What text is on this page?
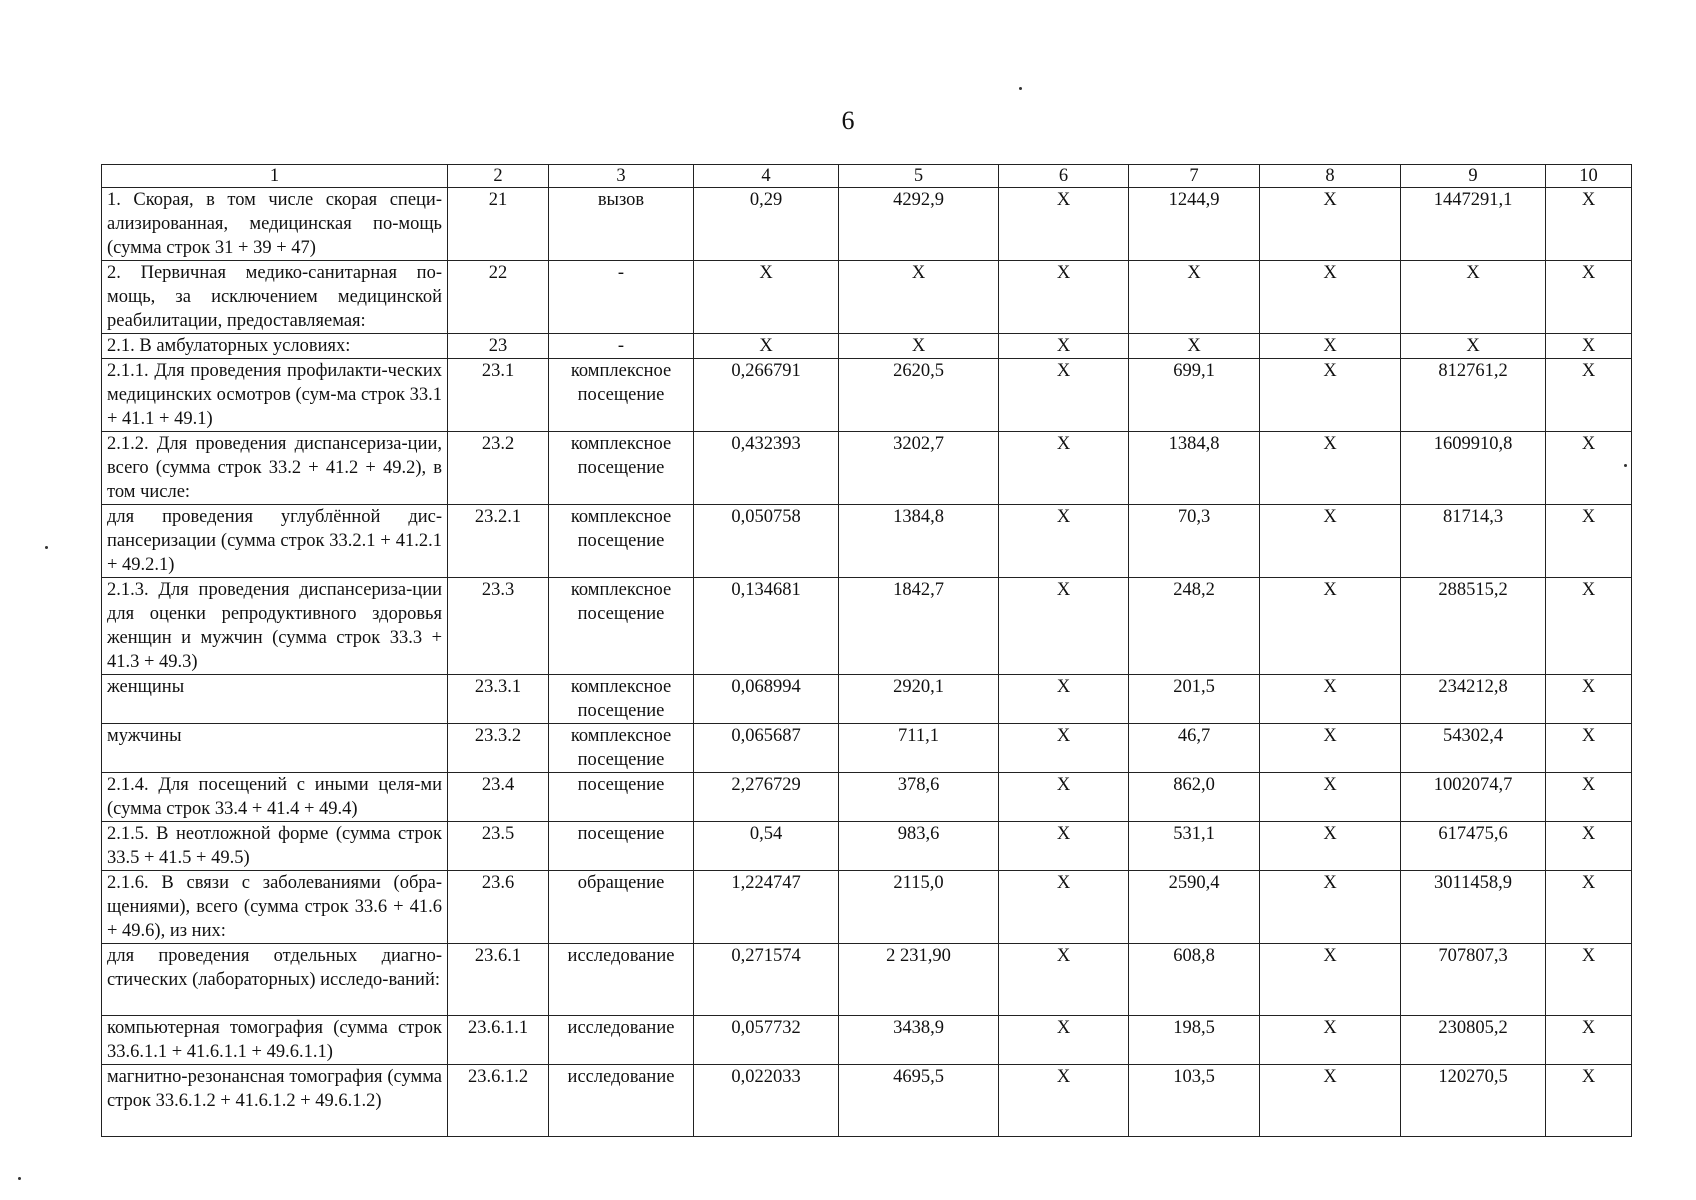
6
1	2	3	4	5	6	7	8	9	10
1. Скорая, в том числе скорая специ-ализированная, медицинская по-мощь (сумма строк 31 + 39 + 47)	21	вызов	0,29	4292,9	X	1244,9	X	1447291,1	X
2. Первичная медико-санитарная по-мощь, за исключением медицинской реабилитации, предоставляемая:	22	-	X	X	X	X	X	X	X
2.1. В амбулаторных условиях:	23	-	X	X	X	X	X	X	X
2.1.1. Для проведения профилакти-ческих медицинских осмотров (сум-ма строк 33.1 + 41.1 + 49.1)	23.1	комплексное посещение	0,266791	2620,5	X	699,1	X	812761,2	X
2.1.2. Для проведения диспансериза-ции, всего (сумма строк 33.2 + 41.2 + 49.2), в том числе:	23.2	комплексное посещение	0,432393	3202,7	X	1384,8	X	1609910,8	X
для проведения углублённой дис-пансеризации (сумма строк 33.2.1 + 41.2.1 + 49.2.1)	23.2.1	комплексное посещение	0,050758	1384,8	X	70,3	X	81714,3	X
2.1.3. Для проведения диспансериза-ции для оценки репродуктивного здоровья женщин и мужчин (сумма строк 33.3 + 41.3 + 49.3)	23.3	комплексное посещение	0,134681	1842,7	X	248,2	X	288515,2	X
женщины	23.3.1	комплексное посещение	0,068994	2920,1	X	201,5	X	234212,8	X
мужчины	23.3.2	комплексное посещение	0,065687	711,1	X	46,7	X	54302,4	X
2.1.4. Для посещений с иными целя-ми (сумма строк 33.4 + 41.4 + 49.4)	23.4	посещение	2,276729	378,6	X	862,0	X	1002074,7	X
2.1.5. В неотложной форме (сумма строк 33.5 + 41.5 + 49.5)	23.5	посещение	0,54	983,6	X	531,1	X	617475,6	X
2.1.6. В связи с заболеваниями (обра-щениями), всего (сумма строк 33.6 + 41.6 + 49.6), из них:	23.6	обращение	1,224747	2115,0	X	2590,4	X	3011458,9	X
для проведения отдельных диагно-стических (лабораторных) исследо-ваний:	23.6.1	исследование	0,271574	2 231,90	X	608,8	X	707807,3	X
компьютерная томография (сумма строк 33.6.1.1 + 41.6.1.1 + 49.6.1.1)	23.6.1.1	исследование	0,057732	3438,9	X	198,5	X	230805,2	X
магнитно-резонансная томография (сумма строк 33.6.1.2 + 41.6.1.2 + 49.6.1.2)	23.6.1.2	исследование	0,022033	4695,5	X	103,5	X	120270,5	X
